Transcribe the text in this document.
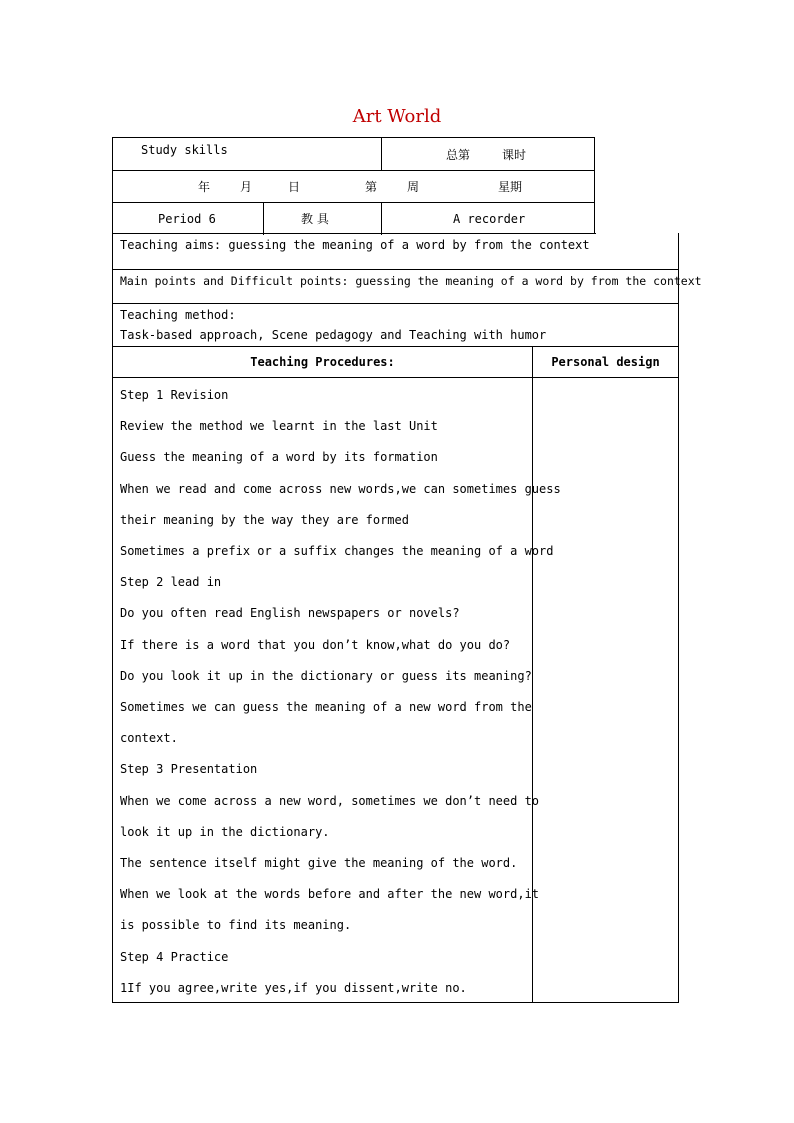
Art World
Study skills	总第	课时
年 月	日	第 周	星期
Period 6	教 具	A recorder
Teaching aims: guessing the meaning of a word by from the context
Main points and Difficult points: guessing the meaning of a word by from the context
Teaching method:
Task-based approach, Scene pedagogy and Teaching with humor
Teaching Procedures:	Personal design
Step 1 Revision
Review the method we learnt in the last Unit
Guess the meaning of a word by its formation
When we read and come across new words,we can sometimes guess
their meaning by the way they are formed
Sometimes a prefix or a suffix changes the meaning of a word
Step 2 lead in
Do you often read English newspapers or novels?
If there is a word that you don’t know,what do you do?
Do you look it up in the dictionary or guess its meaning?
Sometimes we can guess the meaning of a new word from the
context.
Step 3 Presentation
When we come across a new word, sometimes we don’t need to
look it up in the dictionary.
The sentence itself might give the meaning of the word.
When we look at the words before and after the new word,it
is possible to find its meaning.
Step 4 Practice
1If you agree,write yes,if you dissent,write no.
